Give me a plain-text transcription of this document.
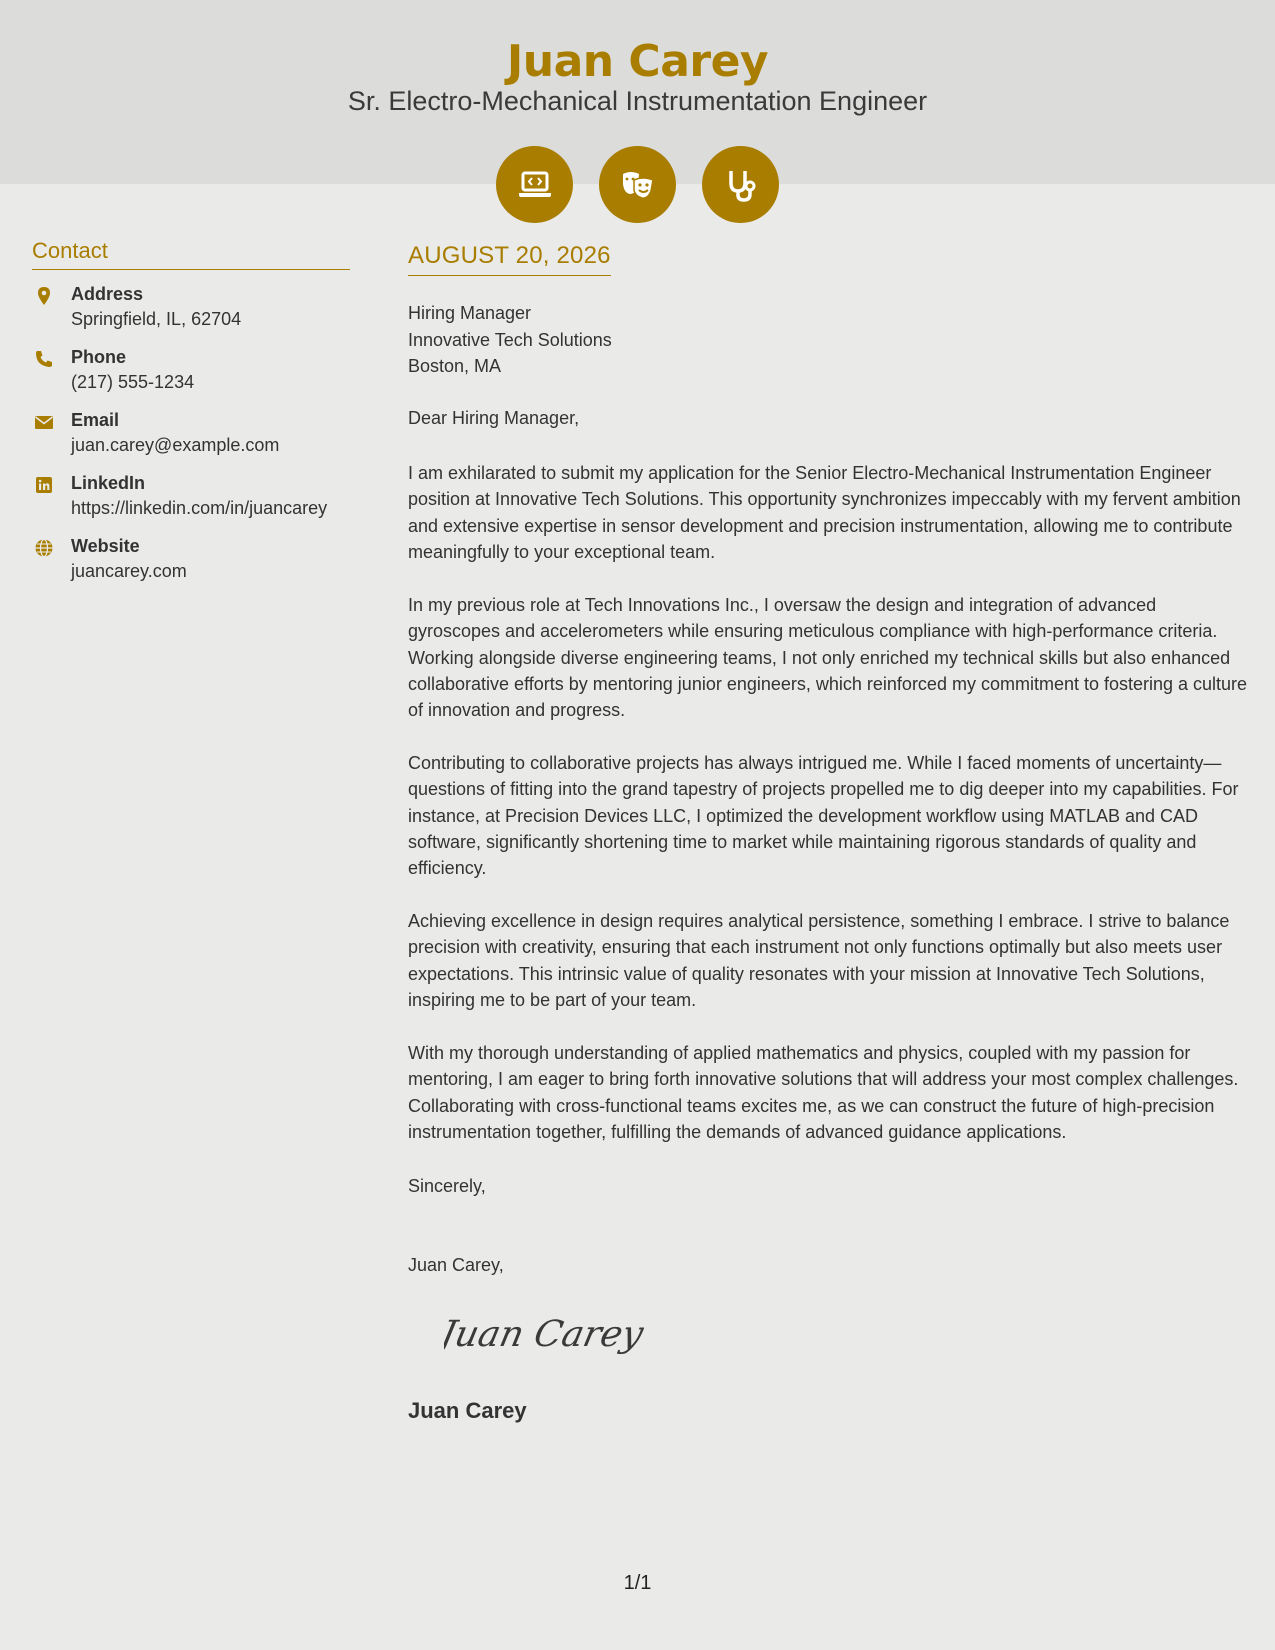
Juan Carey
Sr. Electro-Mechanical Instrumentation Engineer
Contact
Address
Springfield, IL, 62704
Phone
(217) 555-1234
Email
juan.carey@example.com
LinkedIn
https://linkedin.com/in/juancarey
Website
juancarey.com
AUGUST 20, 2026
Hiring Manager
Innovative Tech Solutions
Boston, MA
Dear Hiring Manager,

I am exhilarated to submit my application for the Senior Electro-Mechanical Instrumentation Engineer position at Innovative Tech Solutions. This opportunity synchronizes impeccably with my fervent ambition and extensive expertise in sensor development and precision instrumentation, allowing me to contribute meaningfully to your exceptional team.

In my previous role at Tech Innovations Inc., I oversaw the design and integration of advanced gyroscopes and accelerometers while ensuring meticulous compliance with high-performance criteria. Working alongside diverse engineering teams, I not only enriched my technical skills but also enhanced collaborative efforts by mentoring junior engineers, which reinforced my commitment to fostering a culture of innovation and progress.

Contributing to collaborative projects has always intrigued me. While I faced moments of uncertainty—questions of fitting into the grand tapestry of projects propelled me to dig deeper into my capabilities. For instance, at Precision Devices LLC, I optimized the development workflow using MATLAB and CAD software, significantly shortening time to market while maintaining rigorous standards of quality and efficiency.

Achieving excellence in design requires analytical persistence, something I embrace. I strive to balance precision with creativity, ensuring that each instrument not only functions optimally but also meets user expectations. This intrinsic value of quality resonates with your mission at Innovative Tech Solutions, inspiring me to be part of your team.

With my thorough understanding of applied mathematics and physics, coupled with my passion for mentoring, I am eager to bring forth innovative solutions that will address your most complex challenges. Collaborating with cross-functional teams excites me, as we can construct the future of high-precision instrumentation together, fulfilling the demands of advanced guidance applications.

Sincerely,
Juan Carey,
Juan Carey
Juan Carey
1/1
